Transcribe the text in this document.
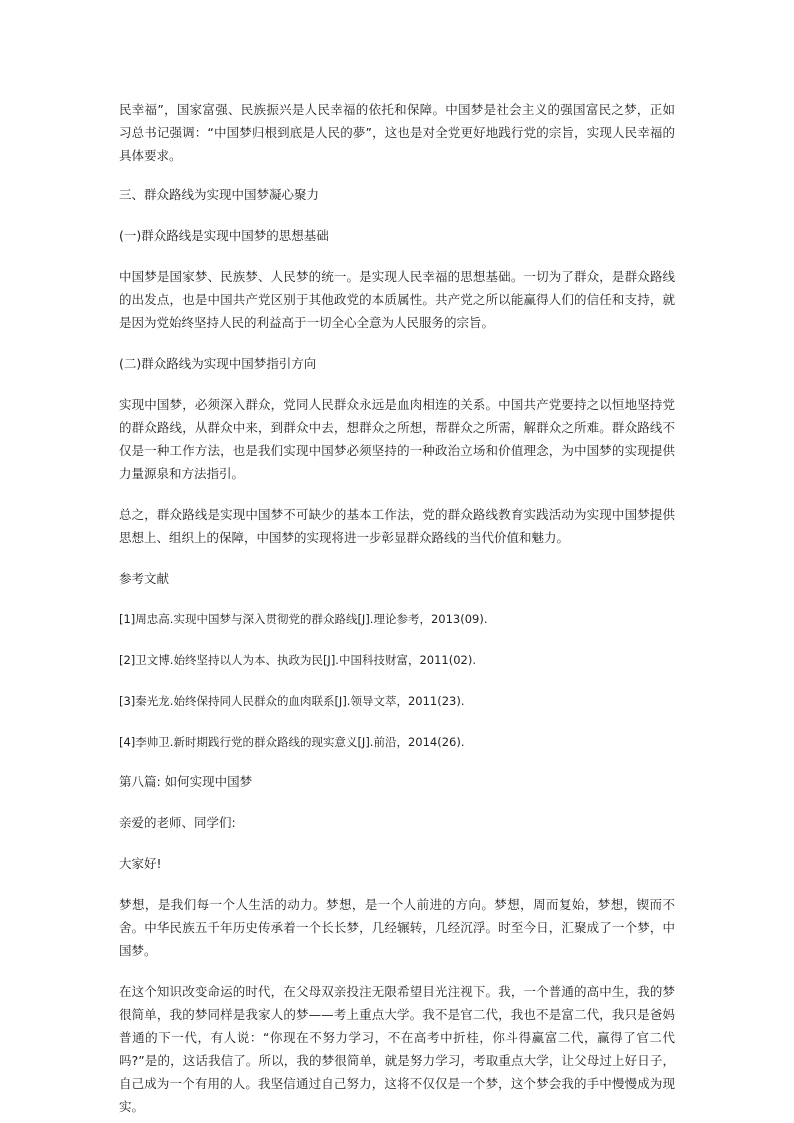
民幸福”，国家富强、民族振兴是人民幸福的依托和保障。中国梦是社会主义的强国富民之梦，正如习总书记强调：“中国梦归根到底是人民的夢”，这也是对全党更好地践行党的宗旨，实现人民幸福的具体要求。

三、群众路线为实现中国梦凝心聚力

(一)群众路线是实现中国梦的思想基础

中国梦是国家梦、民族梦、人民梦的统一。是实现人民幸福的思想基础。一切为了群众，是群众路线的出发点，也是中国共产党区别于其他政党的本质属性。共产党之所以能赢得人们的信任和支持，就是因为党始终坚持人民的利益高于一切全心全意为人民服务的宗旨。

(二)群众路线为实现中国梦指引方向

实现中国梦，必须深入群众，党同人民群众永远是血肉相连的关系。中国共产党要持之以恒地坚持党的群众路线，从群众中来，到群众中去，想群众之所想，帮群众之所需，解群众之所难。群众路线不仅是一种工作方法，也是我们实现中国梦必须坚持的一种政治立场和价值理念，为中国梦的实现提供力量源泉和方法指引。

总之，群众路线是实现中国梦不可缺少的基本工作法，党的群众路线教育实践活动为实现中国梦提供思想上、组织上的保障，中国梦的实现将进一步彰显群众路线的当代价值和魅力。

参考文献

[1]周忠高.实现中国梦与深入贯彻党的群众路线[J].理论参考，2013(09).

[2]卫文博.始终坚持以人为本、执政为民[J].中国科技财富，2011(02).

[3]秦光龙.始终保持同人民群众的血肉联系[J].领导文萃，2011(23).

[4]李帅卫.新时期践行党的群众路线的现实意义[J].前沿，2014(26).

第八篇: 如何实现中国梦

亲爱的老师、同学们:

大家好!

梦想，是我们每一个人生活的动力。梦想，是一个人前进的方向。梦想，周而复始，梦想，锲而不舍。中华民族五千年历史传承着一个长长梦，几经辗转，几经沉浮。时至今日，汇聚成了一个梦，中国梦。

在这个知识改变命运的时代，在父母双亲投注无限希望目光注视下。我，一个普通的高中生，我的梦很简单，我的梦同样是我家人的梦——考上重点大学。我不是官二代，我也不是富二代，我只是爸妈普通的下一代，有人说：“你现在不努力学习，不在高考中折桂，你斗得赢富二代，赢得了官二代吗?”是的，这话我信了。所以，我的梦很简单，就是努力学习，考取重点大学，让父母过上好日子，自己成为一个有用的人。我坚信通过自己努力，这将不仅仅是一个梦，这个梦会我的手中慢慢成为现实。
